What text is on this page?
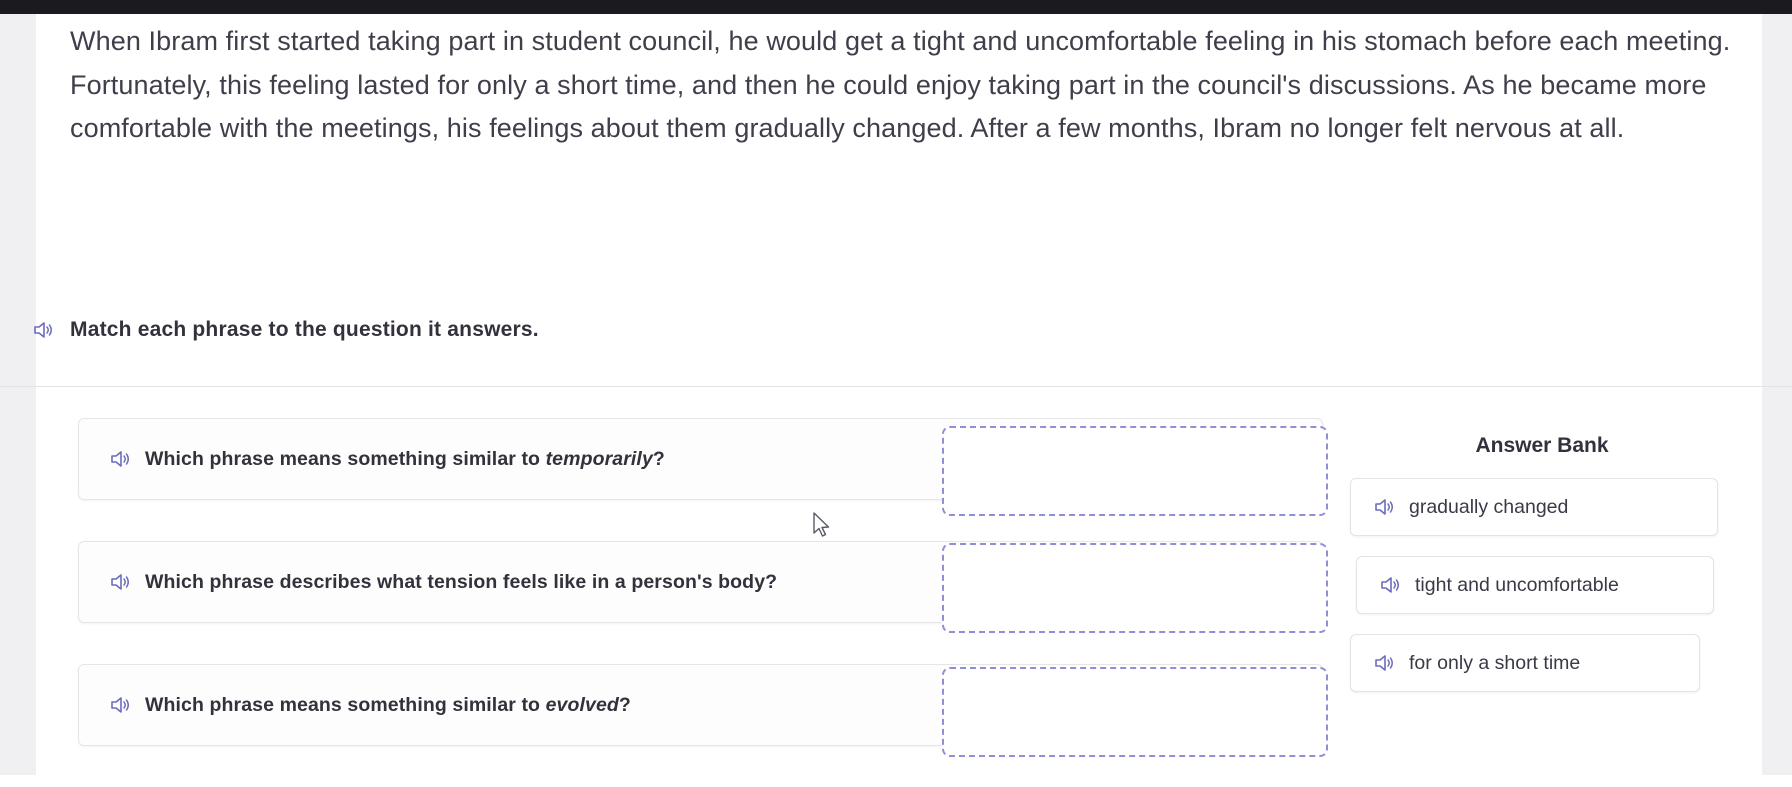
When Ibram first started taking part in student council, he would get a tight and uncomfortable feeling in his stomach before each meeting. Fortunately, this feeling lasted for only a short time, and then he could enjoy taking part in the council's discussions. As he became more comfortable with the meetings, his feelings about them gradually changed. After a few months, Ibram no longer felt nervous at all.
Match each phrase to the question it answers.
Which phrase means something similar to temporarily?
Which phrase describes what tension feels like in a person's body?
Which phrase means something similar to evolved?
Answer Bank
gradually changed
tight and uncomfortable
for only a short time
